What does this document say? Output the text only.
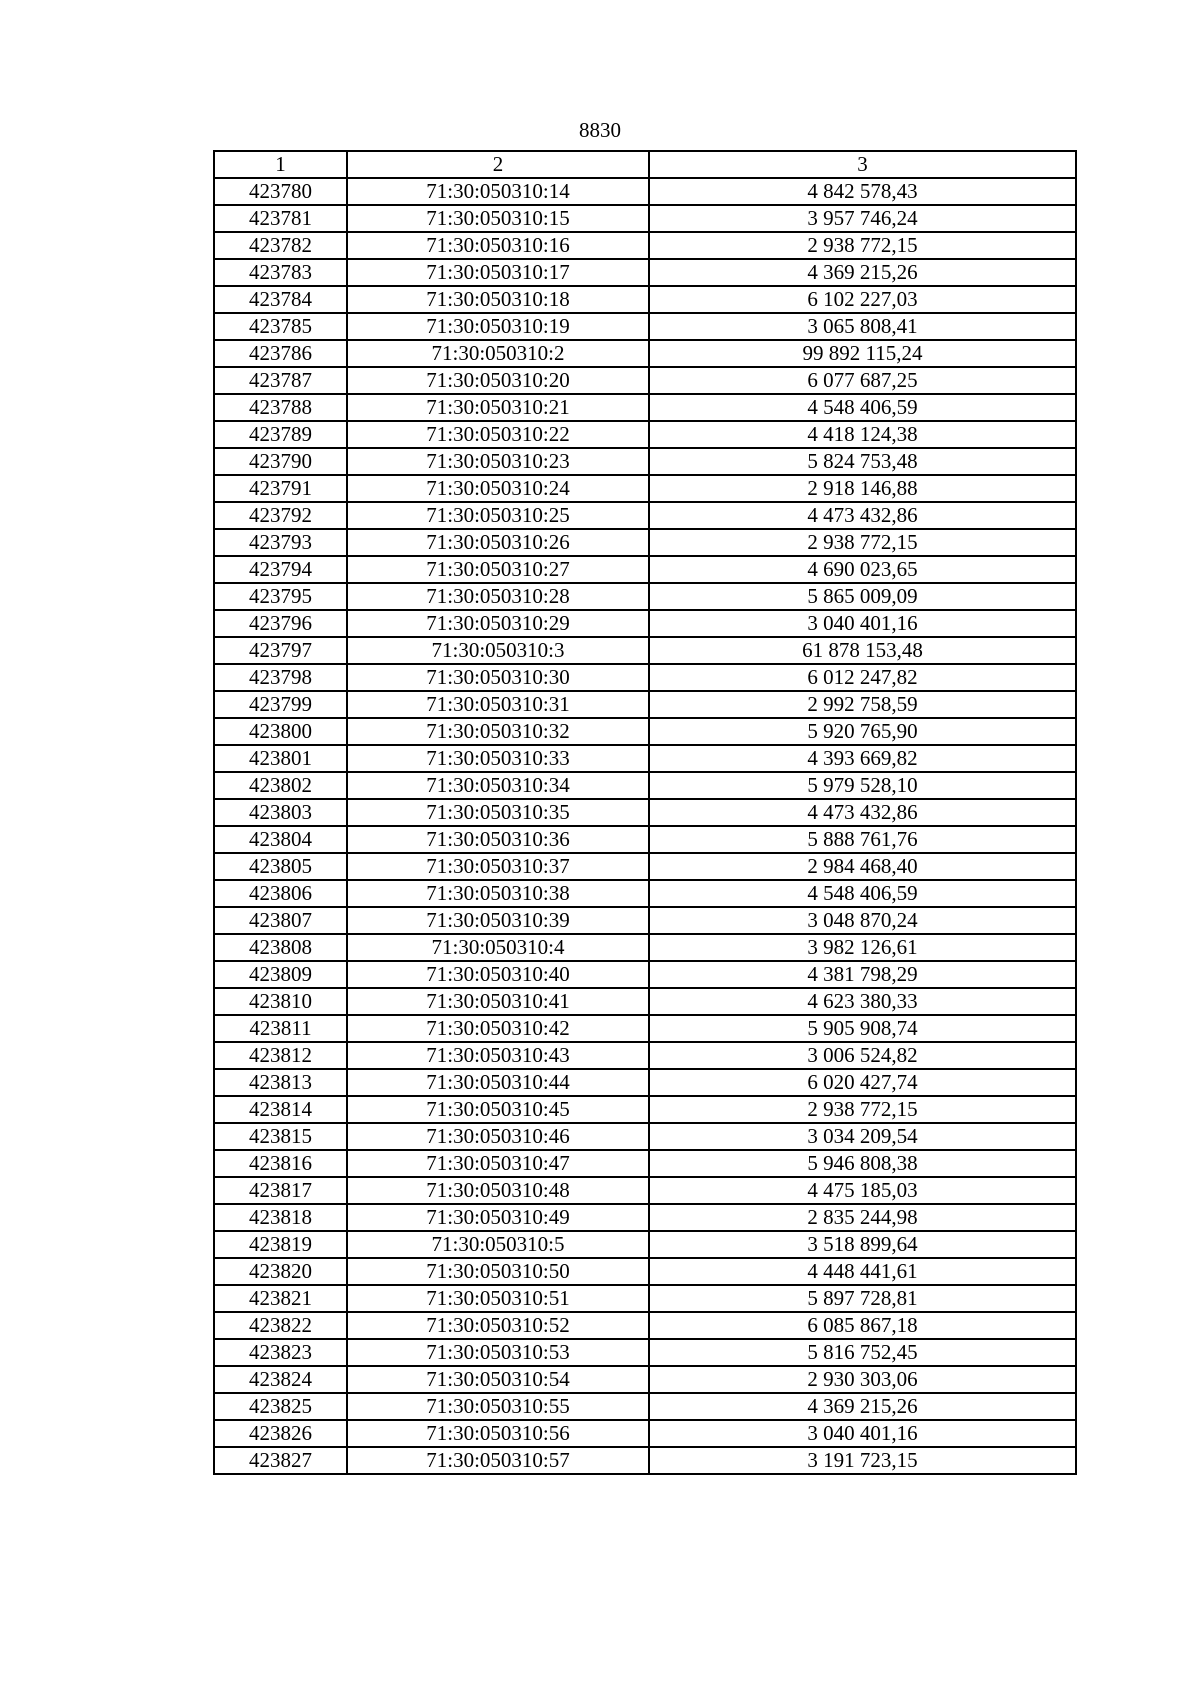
8830
1	2	3
423780	71:30:050310:14	4 842 578,43
423781	71:30:050310:15	3 957 746,24
423782	71:30:050310:16	2 938 772,15
423783	71:30:050310:17	4 369 215,26
423784	71:30:050310:18	6 102 227,03
423785	71:30:050310:19	3 065 808,41
423786	71:30:050310:2	99 892 115,24
423787	71:30:050310:20	6 077 687,25
423788	71:30:050310:21	4 548 406,59
423789	71:30:050310:22	4 418 124,38
423790	71:30:050310:23	5 824 753,48
423791	71:30:050310:24	2 918 146,88
423792	71:30:050310:25	4 473 432,86
423793	71:30:050310:26	2 938 772,15
423794	71:30:050310:27	4 690 023,65
423795	71:30:050310:28	5 865 009,09
423796	71:30:050310:29	3 040 401,16
423797	71:30:050310:3	61 878 153,48
423798	71:30:050310:30	6 012 247,82
423799	71:30:050310:31	2 992 758,59
423800	71:30:050310:32	5 920 765,90
423801	71:30:050310:33	4 393 669,82
423802	71:30:050310:34	5 979 528,10
423803	71:30:050310:35	4 473 432,86
423804	71:30:050310:36	5 888 761,76
423805	71:30:050310:37	2 984 468,40
423806	71:30:050310:38	4 548 406,59
423807	71:30:050310:39	3 048 870,24
423808	71:30:050310:4	3 982 126,61
423809	71:30:050310:40	4 381 798,29
423810	71:30:050310:41	4 623 380,33
423811	71:30:050310:42	5 905 908,74
423812	71:30:050310:43	3 006 524,82
423813	71:30:050310:44	6 020 427,74
423814	71:30:050310:45	2 938 772,15
423815	71:30:050310:46	3 034 209,54
423816	71:30:050310:47	5 946 808,38
423817	71:30:050310:48	4 475 185,03
423818	71:30:050310:49	2 835 244,98
423819	71:30:050310:5	3 518 899,64
423820	71:30:050310:50	4 448 441,61
423821	71:30:050310:51	5 897 728,81
423822	71:30:050310:52	6 085 867,18
423823	71:30:050310:53	5 816 752,45
423824	71:30:050310:54	2 930 303,06
423825	71:30:050310:55	4 369 215,26
423826	71:30:050310:56	3 040 401,16
423827	71:30:050310:57	3 191 723,15
